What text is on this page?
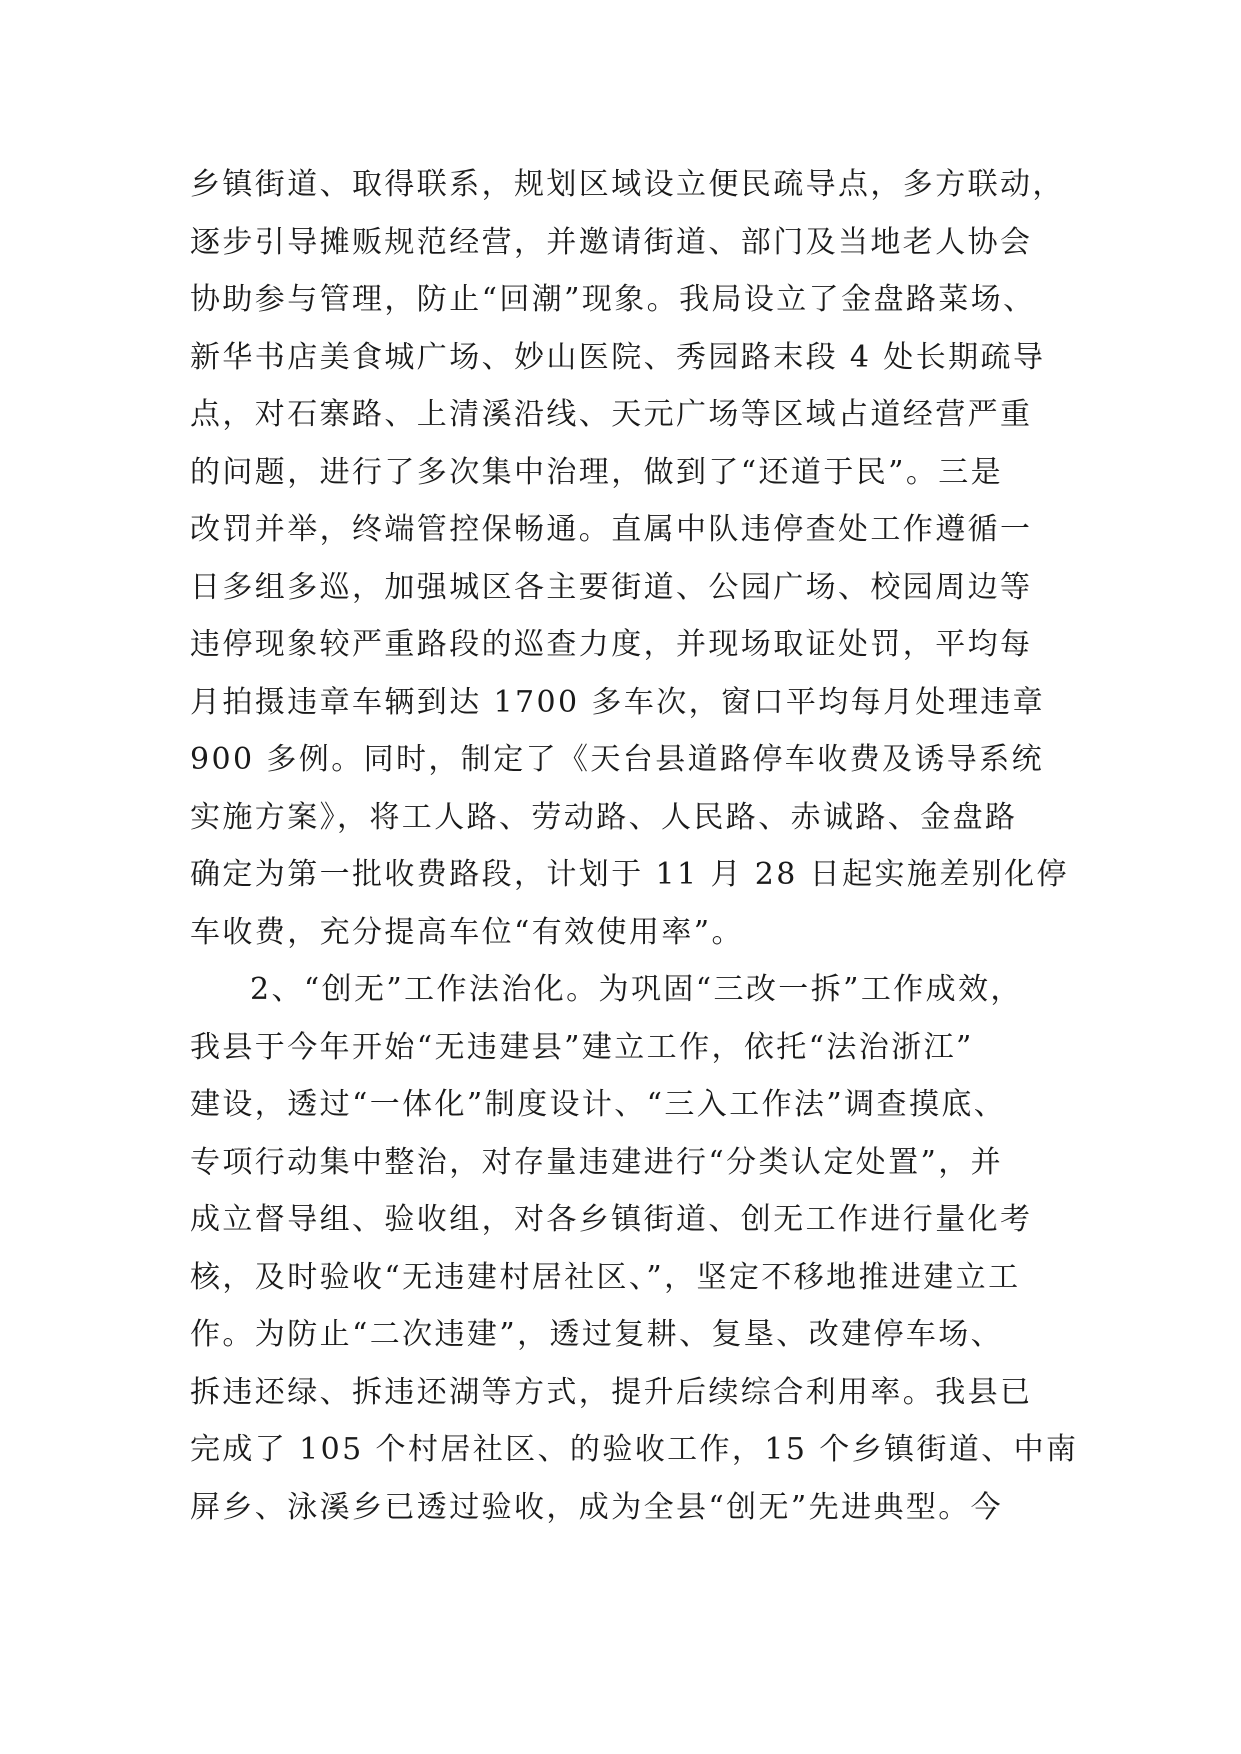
乡镇街道、取得联系，规划区域设立便民疏导点，多方联动，
逐步引导摊贩规范经营，并邀请街道、部门及当地老人协会
协助参与管理，防止“回潮”现象。我局设立了金盘路菜场、
新华书店美食城广场、妙山医院、秀园路末段 4 处长期疏导
点，对石寨路、上清溪沿线、天元广场等区域占道经营严重
的问题，进行了多次集中治理，做到了“还道于民”。三是
改罚并举，终端管控保畅通。直属中队违停查处工作遵循一
日多组多巡，加强城区各主要街道、公园广场、校园周边等
违停现象较严重路段的巡查力度，并现场取证处罚，平均每
月拍摄违章车辆到达 1700 多车次，窗口平均每月处理违章
900 多例。同时，制定了《天台县道路停车收费及诱导系统
实施方案》，将工人路、劳动路、人民路、赤诚路、金盘路
确定为第一批收费路段，计划于 11 月 28 日起实施差别化停
车收费，充分提高车位“有效使用率”。
2、“创无”工作法治化。为巩固“三改一拆”工作成效，
我县于今年开始“无违建县”建立工作，依托“法治浙江”
建设，透过“一体化”制度设计、“三入工作法”调查摸底、
专项行动集中整治，对存量违建进行“分类认定处置”，并
成立督导组、验收组，对各乡镇街道、创无工作进行量化考
核，及时验收“无违建村居社区、”，坚定不移地推进建立工
作。为防止“二次违建”，透过复耕、复垦、改建停车场、
拆违还绿、拆违还湖等方式，提升后续综合利用率。我县已
完成了 105 个村居社区、的验收工作，15 个乡镇街道、中南
屏乡、泳溪乡已透过验收，成为全县“创无”先进典型。今
